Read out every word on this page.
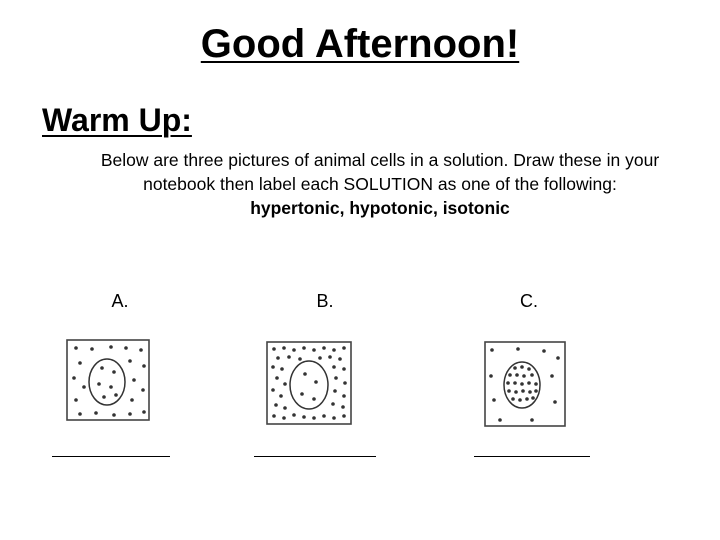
Good Afternoon!
Warm Up:

Below are three pictures of animal cells in a solution. Draw these in your notebook then label each SOLUTION as one of the following:
hypertonic, hypotonic, isotonic

A.	B.	C.
